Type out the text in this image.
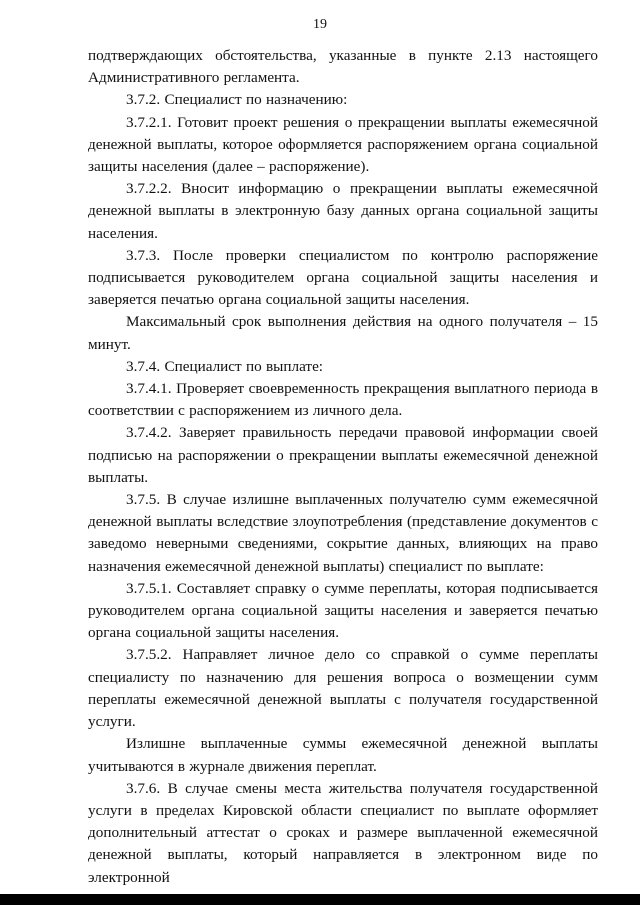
19

подтверждающих обстоятельства, указанные в пункте 2.13 настоящего Административного регламента.

3.7.2. Специалист по назначению:

3.7.2.1. Готовит проект решения о прекращении выплаты ежемесячной денежной выплаты, которое оформляется распоряжением органа социальной защиты населения (далее – распоряжение).

3.7.2.2. Вносит информацию о прекращении выплаты ежемесячной денежной выплаты в электронную базу данных органа социальной защиты населения.

3.7.3. После проверки специалистом по контролю распоряжение подписывается руководителем органа социальной защиты населения и заверяется печатью органа социальной защиты населения.

Максимальный срок выполнения действия на одного получателя – 15 минут.

3.7.4. Специалист по выплате:

3.7.4.1. Проверяет своевременность прекращения выплатного периода в соответствии с распоряжением из личного дела.

3.7.4.2. Заверяет правильность передачи правовой информации своей подписью на распоряжении о прекращении выплаты ежемесячной денежной выплаты.

3.7.5. В случае излишне выплаченных получателю сумм ежемесячной денежной выплаты вследствие злоупотребления (представление документов с заведомо неверными сведениями, сокрытие данных, влияющих на право назначения ежемесячной денежной выплаты) специалист по выплате:

3.7.5.1. Составляет справку о сумме переплаты, которая подписывается руководителем органа социальной защиты населения и заверяется печатью органа социальной защиты населения.

3.7.5.2. Направляет личное дело со справкой о сумме переплаты специалисту по назначению для решения вопроса о возмещении сумм переплаты ежемесячной денежной выплаты с получателя государственной услуги.

Излишне выплаченные суммы ежемесячной денежной выплаты учитываются в журнале движения переплат.

3.7.6. В случае смены места жительства получателя государственной услуги в пределах Кировской области специалист по выплате оформляет дополнительный аттестат о сроках и размере выплаченной ежемесячной денежной выплаты, который направляется в электронном виде по электронной
